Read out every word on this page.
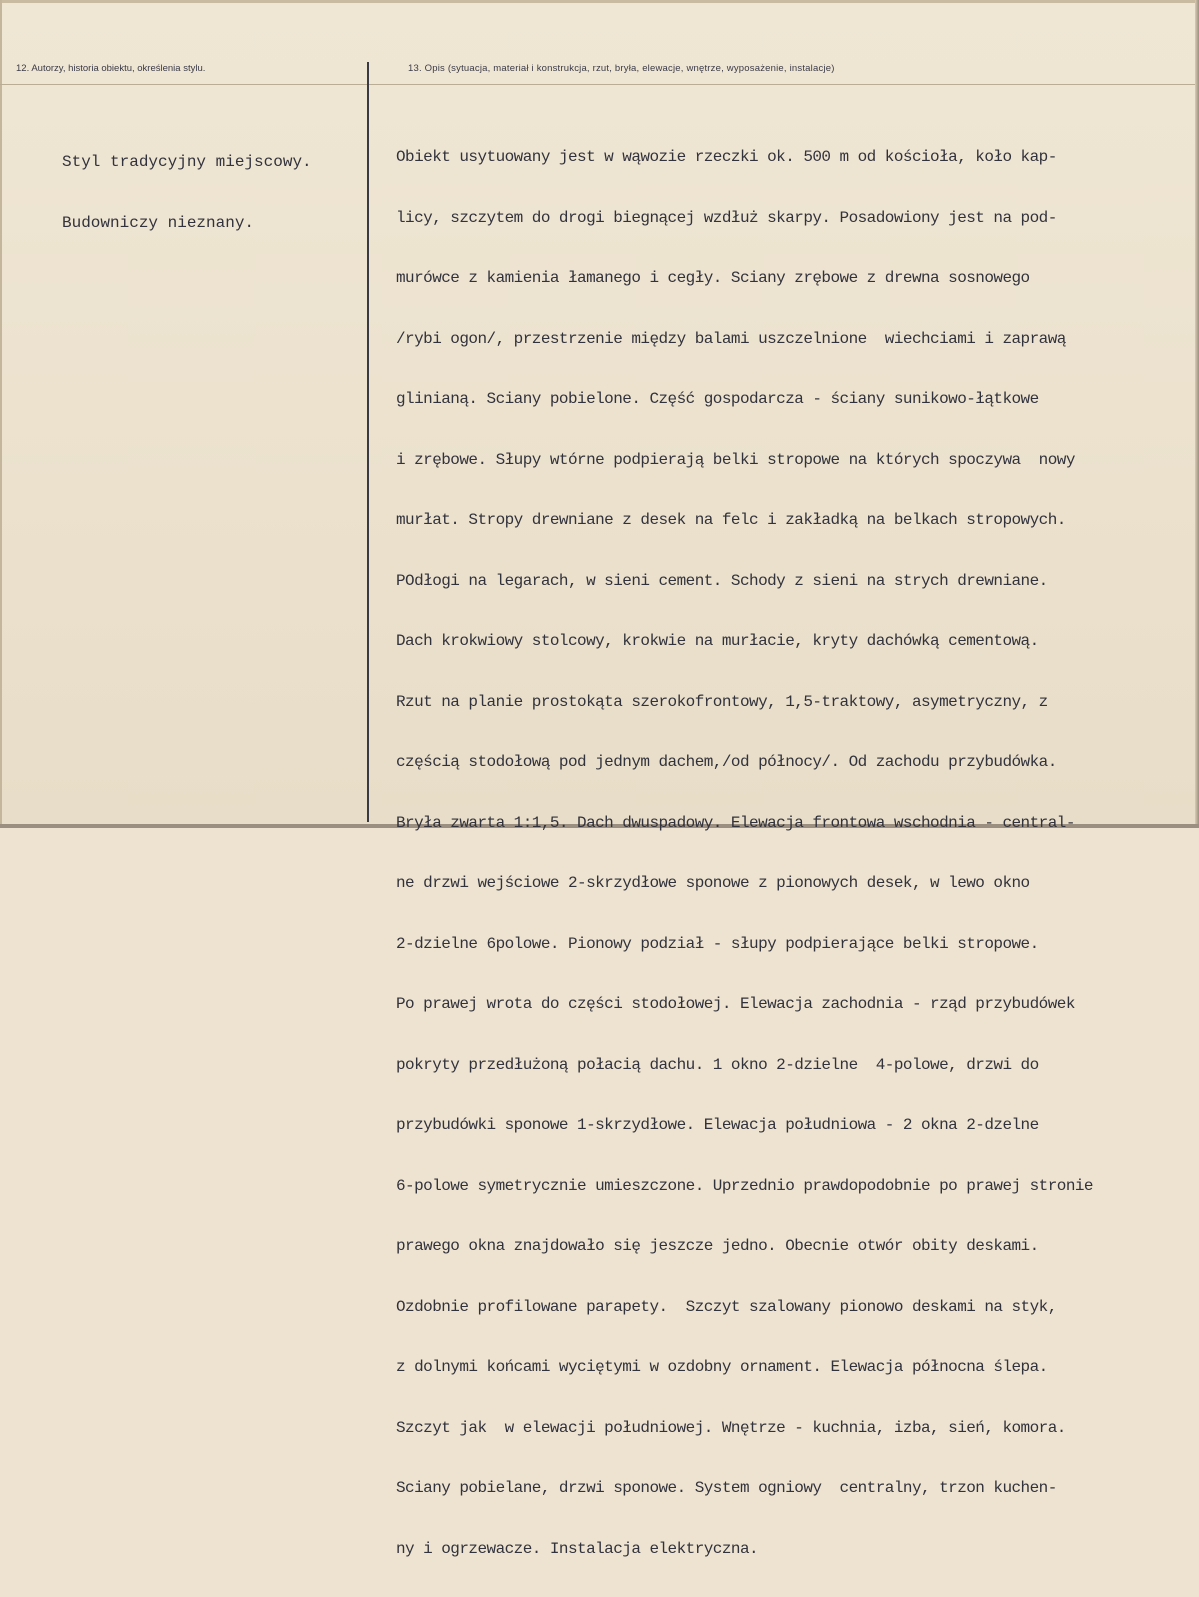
12. Autorzy, historia obiektu, określenia stylu.	13. Opis (sytuacja, materiał i konstrukcja, rzut, bryła, elewacje, wnętrze, wyposażenie, instalacje)

Styl tradycyjny miejscowy.

Budowniczy nieznany.

Obiekt usytuowany jest w wąwozie rzeczki ok. 500 m od kościoła, koło kap-

licy, szczytem do drogi biegnącej wzdłuż skarpy. Posadowiony jest na pod-

murówce z kamienia łamanego i cegły. Sciany zrębowe z drewna sosnowego

/rybi ogon/, przestrzenie między balami uszczelnione  wiechciami i zaprawą

glinianą. Sciany pobielone. Część gospodarcza - ściany sunikowo-łątkowe

i zrębowe. Słupy wtórne podpierają belki stropowe na których spoczywa  nowy

murłat. Stropy drewniane z desek na felc i zakładką na belkach stropowych.

POdłogi na legarach, w sieni cement. Schody z sieni na strych drewniane.

Dach krokwiowy stolcowy, krokwie na murłacie, kryty dachówką cementową.

Rzut na planie prostokąta szerokofrontowy, 1,5-traktowy, asymetryczny, z

częścią stodołową pod jednym dachem,/od północy/. Od zachodu przybudówka.

Bryła zwarta 1:1,5. Dach dwuspadowy. Elewacja frontowa wschodnia - central-

ne drzwi wejściowe 2-skrzydłowe sponowe z pionowych desek, w lewo okno

2-dzielne 6polowe. Pionowy podział - słupy podpierające belki stropowe.

Po prawej wrota do części stodołowej. Elewacja zachodnia - rząd przybudówek

pokryty przedłużoną połacią dachu. 1 okno 2-dzielne  4-polowe, drzwi do

przybudówki sponowe 1-skrzydłowe. Elewacja południowa - 2 okna 2-dzelne

6-polowe symetrycznie umieszczone. Uprzednio prawdopodobnie po prawej stronie

prawego okna znajdowało się jeszcze jedno. Obecnie otwór obity deskami.

Ozdobnie profilowane parapety.  Szczyt szalowany pionowo deskami na styk,

z dolnymi końcami wyciętymi w ozdobny ornament. Elewacja północna ślepa.

Szczyt jak  w elewacji południowej. Wnętrze - kuchnia, izba, sień, komora.

Sciany pobielane, drzwi sponowe. System ogniowy  centralny, trzon kuchen-

ny i ogrzewacze. Instalacja elektryczna.
